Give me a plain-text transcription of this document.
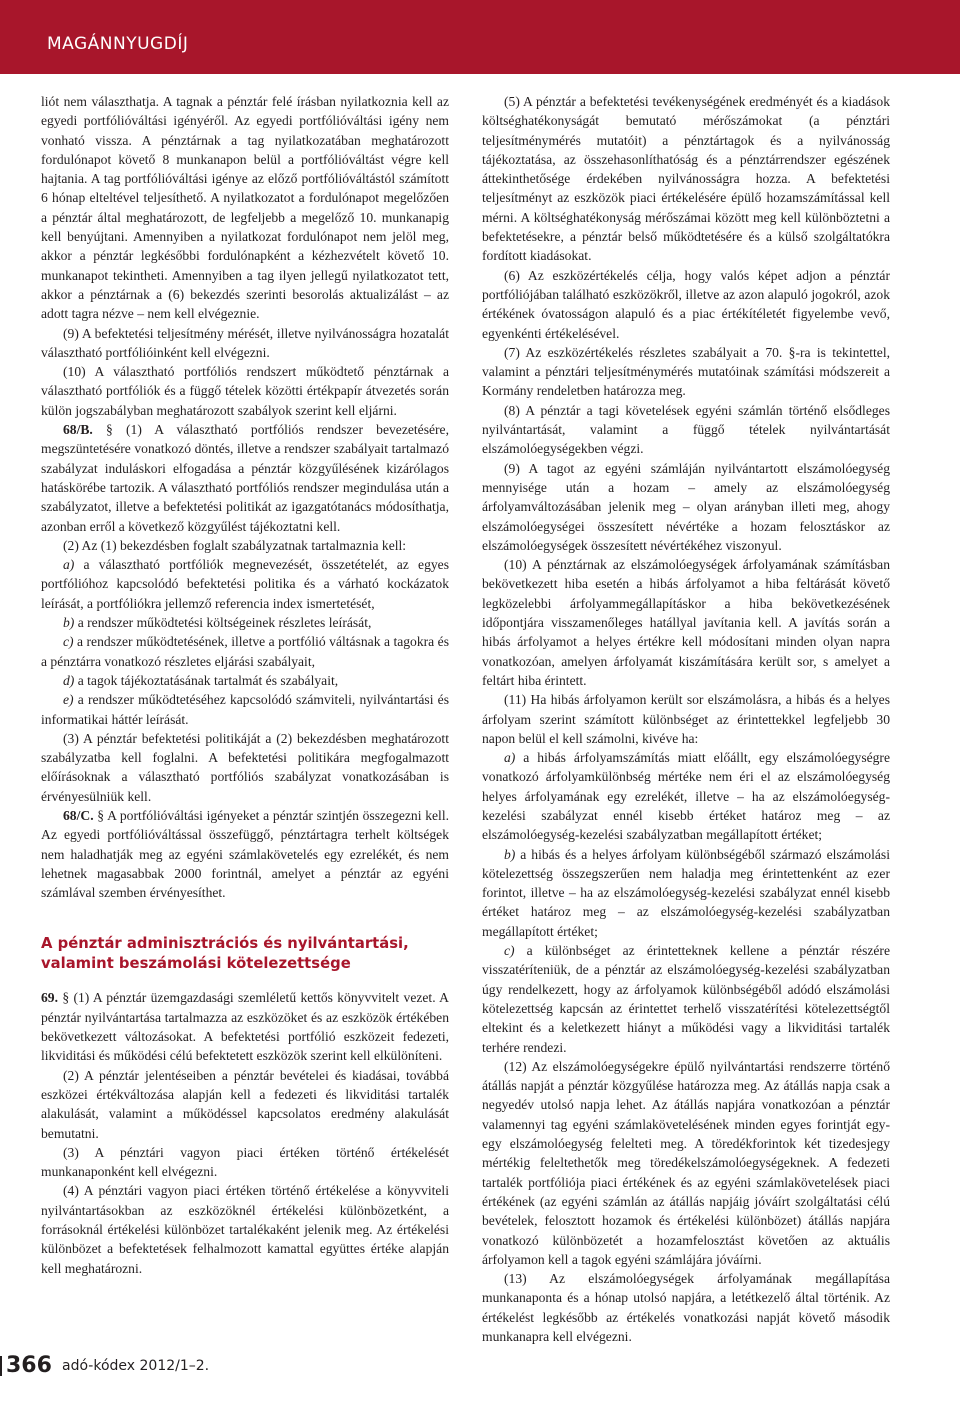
MAGÁNNYUGDÍJ

liót nem választhatja. A tagnak a pénztár felé írásban nyilatkoznia kell az egyedi portfólióváltási igényéről. Az egyedi portfólióváltási igény nem vonható vissza. A pénztárnak a tag nyilatkozatában meghatározott fordulónapot követő 8 munkanapon belül a portfólióváltást végre kell hajtania. A tag portfólióváltási igénye az előző portfólióváltástól számított 6 hónap elteltével teljesíthető. A nyilatkozatot a fordulónapot megelőzően a pénztár által meghatározott, de legfeljebb a megelőző 10. munkanapig kell benyújtani. Amennyiben a nyilatkozat fordulónapot nem jelöl meg, akkor a pénztár legkésőbbi fordulónapként a kézhezvételt követő 10. munkanapot tekintheti. Amennyiben a tag ilyen jellegű nyilatkozatot tett, akkor a pénztárnak a (6) bekezdés szerinti besorolás aktualizálást – az adott tagra nézve – nem kell elvégeznie.

(9) A befektetési teljesítmény mérését, illetve nyilvánosságra hozatalát választható portfólióinként kell elvégezni.

(10) A választható portfóliós rendszert működtető pénztárnak a választható portfóliók és a függő tételek közötti értékpapír átvezetés során külön jogszabályban meghatározott szabályok szerint kell eljárni.

68/B. § (1) A választható portfóliós rendszer bevezetésére, megszüntetésére vonatkozó döntés, illetve a rendszer szabályait tartalmazó szabályzat induláskori elfogadása a pénztár közgyűlésének kizárólagos hatáskörébe tartozik. A választható portfóliós rendszer megindulása után a szabályzatot, illetve a befektetési politikát az igazgatótanács módosíthatja, azonban erről a következő közgyűlést tájékoztatni kell.

(2) Az (1) bekezdésben foglalt szabályzatnak tartalmaznia kell:

a) a választható portfóliók megnevezését, összetételét, az egyes portfólióhoz kapcsolódó befektetési politika és a várható kockázatok leírását, a portfóliókra jellemző referencia index ismertetését,

b) a rendszer működtetési költségeinek részletes leírását,

c) a rendszer működtetésének, illetve a portfólió váltásnak a tagokra és a pénztárra vonatkozó részletes eljárási szabályait,

d) a tagok tájékoztatásának tartalmát és szabályait,

e) a rendszer működtetéséhez kapcsolódó számviteli, nyilvántartási és informatikai háttér leírását.

(3) A pénztár befektetési politikáját a (2) bekezdésben meghatározott szabályzatba kell foglalni. A befektetési politikára megfogalmazott előírásoknak a választható portfóliós szabályzat vonatkozásában is érvényesülniük kell.

68/C. § A portfólióváltási igényeket a pénztár szintjén összegezni kell. Az egyedi portfólióváltással összefüggő, pénztártagra terhelt költségek nem haladhatják meg az egyéni számlakövetelés egy ezrelékét, és nem lehetnek magasabbak 2000 forintnál, amelyet a pénztár az egyéni számlával szemben érvényesíthet.

A pénztár adminisztrációs és nyilvántartási, valamint beszámolási kötelezettsége

69. § (1) A pénztár üzemgazdasági szemléletű kettős könyvvitelt vezet. A pénztár nyilvántartása tartalmazza az eszközöket és az eszközök értékében bekövetkezett változásokat. A befektetési portfólió eszközeit fedezeti, likviditási és működési célú befektetett eszközök szerint kell elkülöníteni.

(2) A pénztár jelentéseiben a pénztár bevételei és kiadásai, továbbá eszközei értékváltozása alapján kell a fedezeti és likviditási tartalék alakulását, valamint a működéssel kapcsolatos eredmény alakulását bemutatni.

(3) A pénztári vagyon piaci értéken történő értékelését munkanaponként kell elvégezni.

(4) A pénztári vagyon piaci értéken történő értékelése a könyvviteli nyilvántartásokban az eszközöknél értékelési különbözetként, a forrásoknál értékelési különbözet tartalékaként jelenik meg. Az értékelési különbözet a befektetések felhalmozott kamattal együttes értéke alapján kell meghatározni.

(5) A pénztár a befektetési tevékenységének eredményét és a kiadások költséghatékonyságát bemutató mérőszámokat (a pénztári teljesítménymérés mutatóit) a pénztártagok és a nyilvánosság tájékoztatása, az összehasonlíthatóság és a pénztárrendszer egészének áttekinthetősége érdekében nyilvánosságra hozza. A befektetési teljesítményt az eszközök piaci értékelésére épülő hozamszámítással kell mérni. A költséghatékonyság mérőszámai között meg kell különböztetni a befektetésekre, a pénztár belső működtetésére és a külső szolgáltatókra fordított kiadásokat.

(6) Az eszközértékelés célja, hogy valós képet adjon a pénztár portfóliójában található eszközökről, illetve az azon alapuló jogokról, azok értékének óvatosságon alapuló és a piac értékítéletét figyelembe vevő, egyenkénti értékelésével.

(7) Az eszközértékelés részletes szabályait a 70. §-ra is tekintettel, valamint a pénztári teljesítménymérés mutatóinak számítási módszereit a Kormány rendeletben határozza meg.

(8) A pénztár a tagi követelések egyéni számlán történő elsődleges nyilvántartását, valamint a függő tételek nyilvántartását elszámolóegységekben végzi.

(9) A tagot az egyéni számláján nyilvántartott elszámolóegység mennyisége után a hozam – amely az elszámolóegység árfolyamváltozásában jelenik meg – olyan arányban illeti meg, ahogy elszámolóegységei összesített névértéke a hozam felosztáskor az elszámolóegységek összesített névértékéhez viszonyul.

(10) A pénztárnak az elszámolóegységek árfolyamának számításban bekövetkezett hiba esetén a hibás árfolyamot a hiba feltárását követő legközelebbi árfolyammegállapításkor a hiba bekövetkezésének időpontjára visszamenőleges hatállyal javítania kell. A javítás során a hibás árfolyamot a helyes értékre kell módosítani minden olyan napra vonatkozóan, amelyen árfolyamát kiszámítására került sor, s amelyet a feltárt hiba érintett.

(11) Ha hibás árfolyamon került sor elszámolásra, a hibás és a helyes árfolyam szerint számított különbséget az érintettekkel legfeljebb 30 napon belül el kell számolni, kivéve ha:

a) a hibás árfolyamszámítás miatt előállt, egy elszámolóegységre vonatkozó árfolyamkülönbség mértéke nem éri el az elszámolóegység helyes árfolyamának egy ezrelékét, illetve – ha az elszámolóegység-kezelési szabályzat ennél kisebb értéket határoz meg – az elszámolóegység-kezelési szabályzatban megállapított értéket;

b) a hibás és a helyes árfolyam különbségéből származó elszámolási kötelezettség összegszerűen nem haladja meg érintettenként az ezer forintot, illetve – ha az elszámolóegység-kezelési szabályzat ennél kisebb értéket határoz meg – az elszámolóegység-kezelési szabályzatban megállapított értéket;

c) a különbséget az érintetteknek kellene a pénztár részére visszatéríteniük, de a pénztár az elszámolóegység-kezelési szabályzatban úgy rendelkezett, hogy az árfolyamok különbségéből adódó elszámolási kötelezettség kapcsán az érintettet terhelő visszatérítési kötelezettségtől eltekint és a keletkezett hiányt a működési vagy a likviditási tartalék terhére rendezi.

(12) Az elszámolóegységekre épülő nyilvántartási rendszerre történő átállás napját a pénztár közgyűlése határozza meg. Az átállás napja csak a negyedév utolsó napja lehet. Az átállás napjára vonatkozóan a pénztár valamennyi tag egyéni számlakövetelésének minden egyes forintját egy-egy elszámolóegység felelteti meg. A töredékforintok két tizedesjegy mértékig feleltethetők meg töredékelszámolóegységeknek. A fedezeti tartalék portfóliója piaci értékének és az egyéni számlakövetelések piaci értékének (az egyéni számlán az átállás napjáig jóváírt szolgáltatási célú bevételek, felosztott hozamok és értékelési különbözet) átállás napjára vonatkozó különbözetét a hozamfelosztást követően az aktuális árfolyamon kell a tagok egyéni számlájára jóváírni.

(13) Az elszámolóegységek árfolyamának megállapítása munkanaponta és a hónap utolsó napjára, a letétkezelő által történik. Az értékelést legkésőbb az értékelés vonatkozási napját követő második munkanapra kell elvégezni.

366 adó-kódex 2012/1–2.
